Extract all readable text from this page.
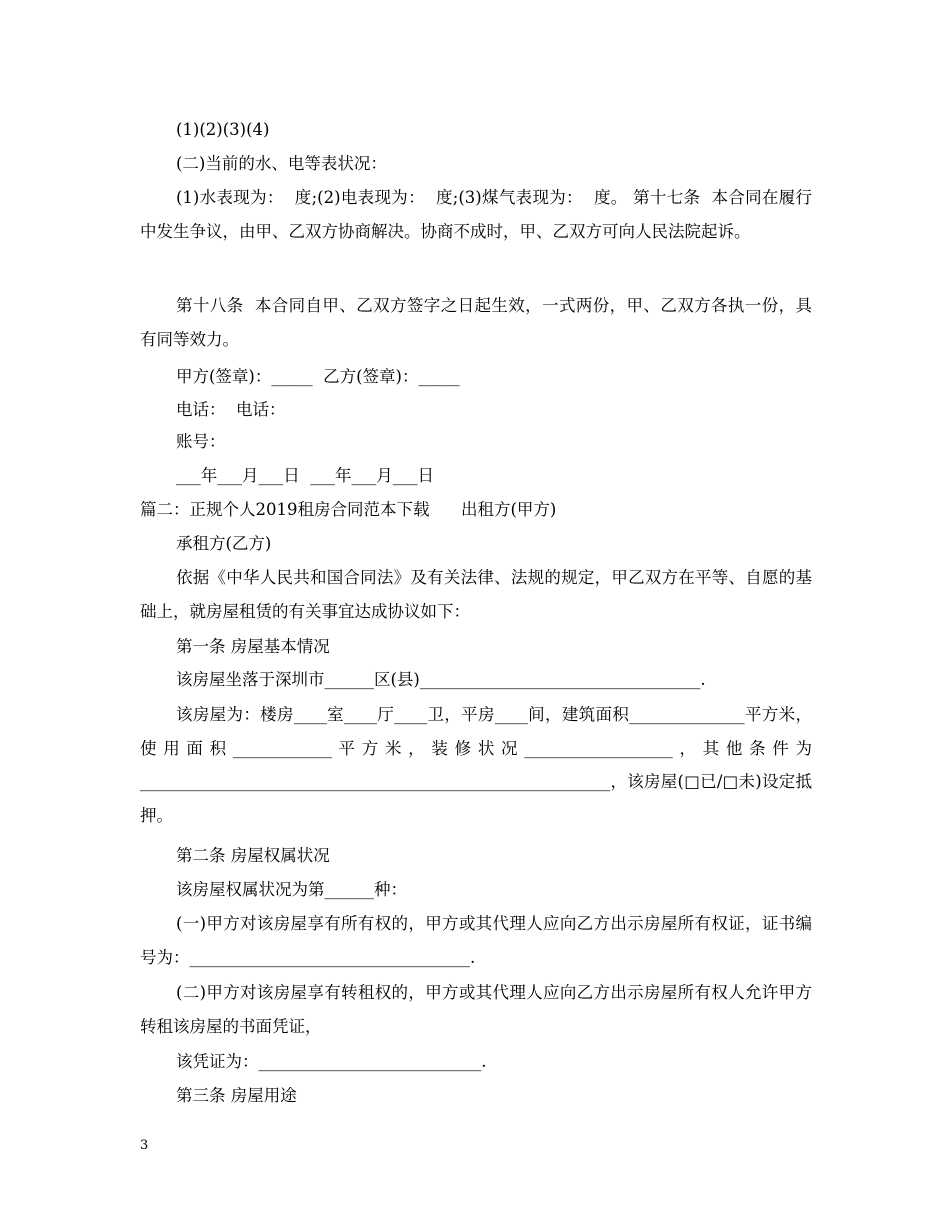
(1)(2)(3)(4)

(二)当前的水、电等表状况：

(1)水表现为：  度;(2)电表现为：  度;(3)煤气表现为：  度。 第十七条  本合同在履行中发生争议，由甲、乙双方协商解决。协商不成时，甲、乙双方可向人民法院起诉。

第十八条  本合同自甲、乙双方签字之日起生效，一式两份，甲、乙双方各执一份，具有同等效力。

甲方(签章)：_____  乙方(签章)：_____

电话：  电话：

账号：

___年___月___日  ___年___月___日

篇二：正规个人2019租房合同范本下载      出租方(甲方)

承租方(乙方)

依据《中华人民共和国合同法》及有关法律、法规的规定，甲乙双方在平等、自愿的基础上，就房屋租赁的有关事宜达成协议如下：

第一条 房屋基本情况

该房屋坐落于深圳市______区(县)__________________________________.

该房屋为：楼房____室____厅____卫，平房____间，建筑面积______________平方米，使用面积____________平方米，装修状况__________________，其他条件为_________________________________________________________，该房屋(□已/□未)设定抵押。

第二条 房屋权属状况

该房屋权属状况为第______种：

(一)甲方对该房屋享有所有权的，甲方或其代理人应向乙方出示房屋所有权证，证书编号为：__________________________________.

(二)甲方对该房屋享有转租权的，甲方或其代理人应向乙方出示房屋所有权人允许甲方转租该房屋的书面凭证，

该凭证为：___________________________.

第三条 房屋用途

3
